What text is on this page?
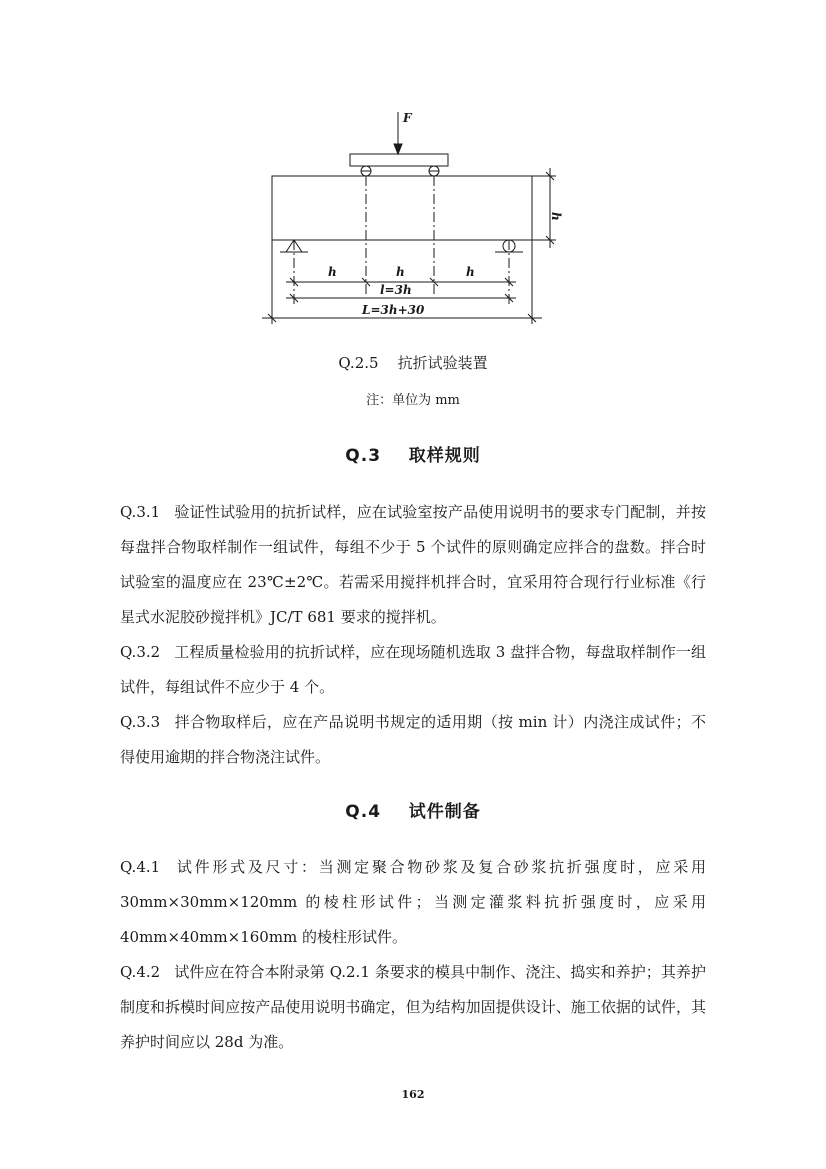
F
h
h	h	h
l=3h
L=3h+30
Q.2.5    抗折试验装置
注：单位为 mm
Q.3    取样规则
Q.3.1 验证性试验用的抗折试样，应在试验室按产品使用说明书的要求专门配制，并按每盘拌合物取样制作一组试件，每组不少于 5 个试件的原则确定应拌合的盘数。拌合时试验室的温度应在 23℃±2℃。若需采用搅拌机拌合时，宜采用符合现行行业标准《行星式水泥胶砂搅拌机》JC/T 681 要求的搅拌机。
Q.3.2 工程质量检验用的抗折试样，应在现场随机选取 3 盘拌合物，每盘取样制作一组试件，每组试件不应少于 4 个。
Q.3.3 拌合物取样后，应在产品说明书规定的适用期（按 min 计）内浇注成试件；不得使用逾期的拌合物浇注试件。
Q.4    试件制备
Q.4.1 试件形式及尺寸：当测定聚合物砂浆及复合砂浆抗折强度时，应采用 30mm×30mm×120mm 的棱柱形试件；当测定灌浆料抗折强度时，应采用 40mm×40mm×160mm 的棱柱形试件。
Q.4.2 试件应在符合本附录第 Q.2.1 条要求的模具中制作、浇注、捣实和养护；其养护制度和拆模时间应按产品使用说明书确定，但为结构加固提供设计、施工依据的试件，其养护时间应以 28d 为准。
162
